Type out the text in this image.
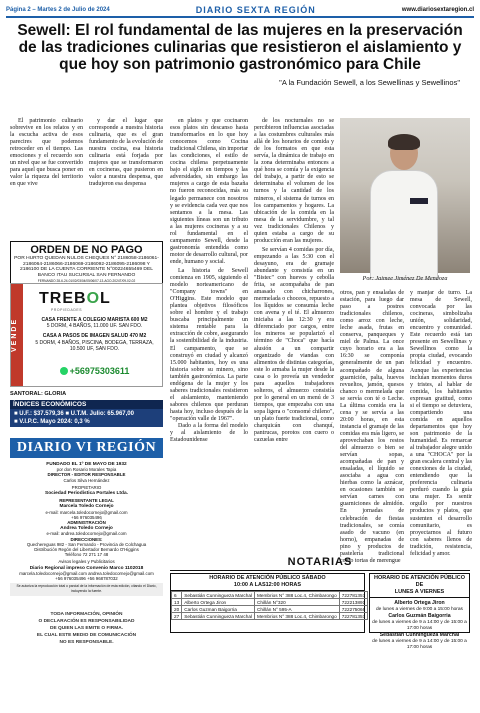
Página 2 – Martes 2 de Julio de 2024	DIARIO SEXTA REGIÓN	www.diariosextaregion.cl
Sewell: El rol fundamental de las mujeres en la preservación de las tradiciones culinarias que resistieron el aislamiento y que hoy son patrimonio gastronómico para Chile
"A la Fundación Sewell, a los Sewellinas y Sewellinos"

El patrimonio culinario sobrevive en los relatos y en la escucha activa de esos parecires que podemos retroceder en el tiempo. Las emociones y el recuerdo son un nivel que se fue convertido para aquel que busca poner en valor la riqueza del territorio en que vive

y dar el lugar que corresponde a nuestra historia culinaria, que es el gran fundamento de la evolución de nuestra cocina, esa historia culinaria está forjada por mujeres que se transformaron en cocineras, que pusieron en valor a nuestra despensa, que tradujeron esa despensa

en platos y que cocinaron esos platos sin descanso hasta transformarlos en lo que hoy conocemos como Cocina tradicional Chilena, sin importar las condiciones, el estilo de cocina chilena perpetuamente bajo el sigilo en tiempos y las adversidades, sin embargo las mujeres a cargo de esta bazaña no fueron reconocidas, más su legado permanece con nosotros y se evidencia cada vez que nos sentamos a la mesa. Las siguientes líneas son un tributo a las mujeres cocineras y a su rol fundamental en el campamento Sewell, desde la gastronomía entendida como motor de desarrollo cultural, por ende, humano y social.

La historia de Sewell comienza en 1905, siguiendo el modelo norteamericano de "Company towns" en O'Higgins. Este modelo que plantea objetivos filosóficos sobre el hombre y el trabajo buscaba principalmente un sistema rentable para la extracción de cobre, asegurando la sostenibilidad de la industria. El campamento, que se construyó en ciudad y alcanzó 15.000 habitantes, hoy es una historia sobre su minero, sino también gastronómica. La parte endógena de la mujer y los saberes tradicionales resistieron el aislamiento, manteniendo sabores chilenos que perduran hasta hoy, incluso después de la "operación valle de 1967".

Dado a la forma del modelo y al aislamiento de lo Estadounidense

de los nocturnales no se percibieron influencias asociadas a las costumbres culturales más allá de los horarios de comida y de los formatos en que esta servía, la dinámica de trabajo en la zona determinaba entonces a qué hora se comía y la exigencia del trabajo, a partir de esto se determinaba el volumen de los turnos y la cantidad de los mineros, el sistema de turnos en los campamentos y hogares. La ubicación de la comida en la mesa de la servidumbre, y tal vez tradicionales Chilenos y quien estaba a cargo de su producción eran las mujeres.

Se servían 4 comidas por día, empezando a las 5:30 con el desayuno, era de gramaje abundante y consistía en un "Bistec" con huevos y cebolla frita, se acompañaba de pan amasado con chicharrones, mermelada o choceos, repuesto a los líquidos se consumía leche con avena y el té. El almuerzo iniciaba a las 12:30 y era diferenciado por cargos, entre los mineros se popularizó el término de "Choca" que hacía alusión a un compartir organizado de viandas con alimentos de distintas categorías, este lo armaba la mujer desde la casa o lo proveía un vendedor para aquellos trabajadores solteros, el almuerzo consistía por lo general en un menú de 3 tiempos, que empezaba con una sopa ligera o "consomé chileno", un plato fuerte tradicional, como charquicán con chanquí, pantrucas, porotos con cuero o cazuelas entre

otros, pan y ensaladas de estación, para luego dar paso a postres tradicionales chilenos, como arroz con leche, leche asada, frutas en conserva, panqueques y miel de Palma. La once cuyo horario era a las 16:30 se componía generalmente de un pan acompañado de alguna guarnición, palta, huevos revueltos, jamón, quesos chanco o mermelada que se servía con té o Leche. La última comida era la cena y se servía a las 20:00 horas, en esta instancia el gramaje de las comidas era más ligero, se aprovechaban los restos del almuerzo o bien se servían sopas, acompañadas de pan y ensaladas, el líquido se asociaba a agua con hierbas como la aznácar, en ocasiones también se servían carnes con guarniciones de almidón. En jornadas de celebración de fiestas tradicionales, se comía asado de vacuno (en horno), empanadas de pino y productos de pastelería tradicional como tortas de merengue

y manjar de turro. La mesa de Sewell, convocada por las cocineras, simbolizaba unión, solidaridad, encuentro y comunidad. Este recuerdo está tan presente en Sewellinas y Sewellinos como la propia ciudad, evocando felicidad y encuentro. Aunque las experiencias incluían momentos duros y tristes, al hablar de comida, los habitantes expresan gratitud, como si el tiempo se detuviera, compartiendo una comida en aquellos departamentos que hoy son patrimonio de la humanidad. Es remarcar al trabajador alegre unido a una "CHOCA" por la gran escalera central y las conexiones de la ciudad, entendiendo que la preferencia culinaria perduró cuando la guía una mujer. Es sentir orgullo por nuestros productos y platos, que sustenten el desarrollo comunitario, es proyectarnos al futuro con saberes llenos de tradición, resistencia, felicidad y amor.

Por: Jaimee Jiménez De Mendoza
ORDEN DE NO PAGO
POR HURTO QUEDAN NULOS CHEQUES N° 2186058-2186061-2186064-2186066-2186069-2186092-2186095-2186098 Y 2186100 DE LA CUENTA CORRIENTE N°00224655469 DEL BANCO ITAU SUCURSAL SAN FERNANDO
FERNANDO 28-6-24-01/02/03/04/05/06/07-13-AGO-2024T/09-02-02
VENDE
TREBOL
PROPIEDADES
CASA FRENTE A COLEGIO MARISTA 600 M2
5 DORM, 4 BAÑOS, 11.000 UF. SAN FDO.
CASA A PASOS DE IMAGEN SALUD 470 M2
5 DORM, 4 BAÑOS, PISCINA, BODEGA, TERRAZA, 10.500 UF, SAN FDO.
+56975303611
SANTORAL: GLORIA
ÍNDICES ECONÓMICOS
■ U.F.: $37.579,36 ■ U.T.M. Julio: 65.967,00
■ V.I.P.C. Mayo 2024: 0,3 %
DIARIO VI REGIÓN
FUNDADO EL 1º DE MAYO DE 1932
por don Rosario Morales Tapia
DIRECTOR - EDITOR RESPONSABLE
Carlos Silva Hernández
PROPIETARIO
Sociedad Periodística Portales Ltda.
REPRESENTANTE LEGAL
Marcela Toledo Cornejo
e-mail: marcela.toledocornejo@gmail.com
+56 976035496
ADMINISTRACIÓN
Andrea Toledo Cornejo
e-mail: andrea.toledocornejo@gmail.com
DIRECCIONES:
Quechereguas 982 - San Fernando - Provincia de Colchagua
Distribución Regón del Libertador Bernardo O'Higgins
Teléfono 72 271 17 48
Avisos legales y Publicitarios
Diario Regional impreso Convenio Marco 1102018
marcela.toledocornejo@gmail.com andrea.toledocornejo@gmail.com
+56 976035496 +56 968787032
Se autoriza la reproducción total o parcial de la información de esta edición, citando el Diario, incluyendo la fuente.
TODA INFORMACIÓN, OPINIÓN
O DECLARACIÓN ES RESPONSABILIDAD
DE QUIEN LAS EMITE O FIRMA.
EL CUAL ESTE MEDIO DE COMUNICACIÓN
NO ES RESPONSABLE.
NOTARIAS
HORARIO DE ATENCIÓN PÚBLICO SÁBADO
10:00 A LAS12:00 HORAS
6	Sebastián Cunningueza Marchal	Membrios N° 388 Loc.4, Chimbarongo	722781357
13	Alberto Ortega Jiron	Chillán N°320	722213891
20	Carlos Guzman Baigorria	Chillán N° 595-A	722275066
27	Sebastián Cunningueza Marchal	Membrios N° 388 Loc.4, Chimbarongo	722781357
HORARIO DE ATENCIÓN PÚBLICO DE
LUNES A VIERNES
Alberto Ortega Jiron
de lunes a viernes de 9:00 a 15:00 horas
Carlos Guzmán Baigorria
de lunes a viernes de 9 a 14:00 y de 15:00 a 17:00 horas
Sebastián Cunningueza Marchal
de lunes a viernes de 9 a 14:00 y de 15:00 a 17:00 horas
